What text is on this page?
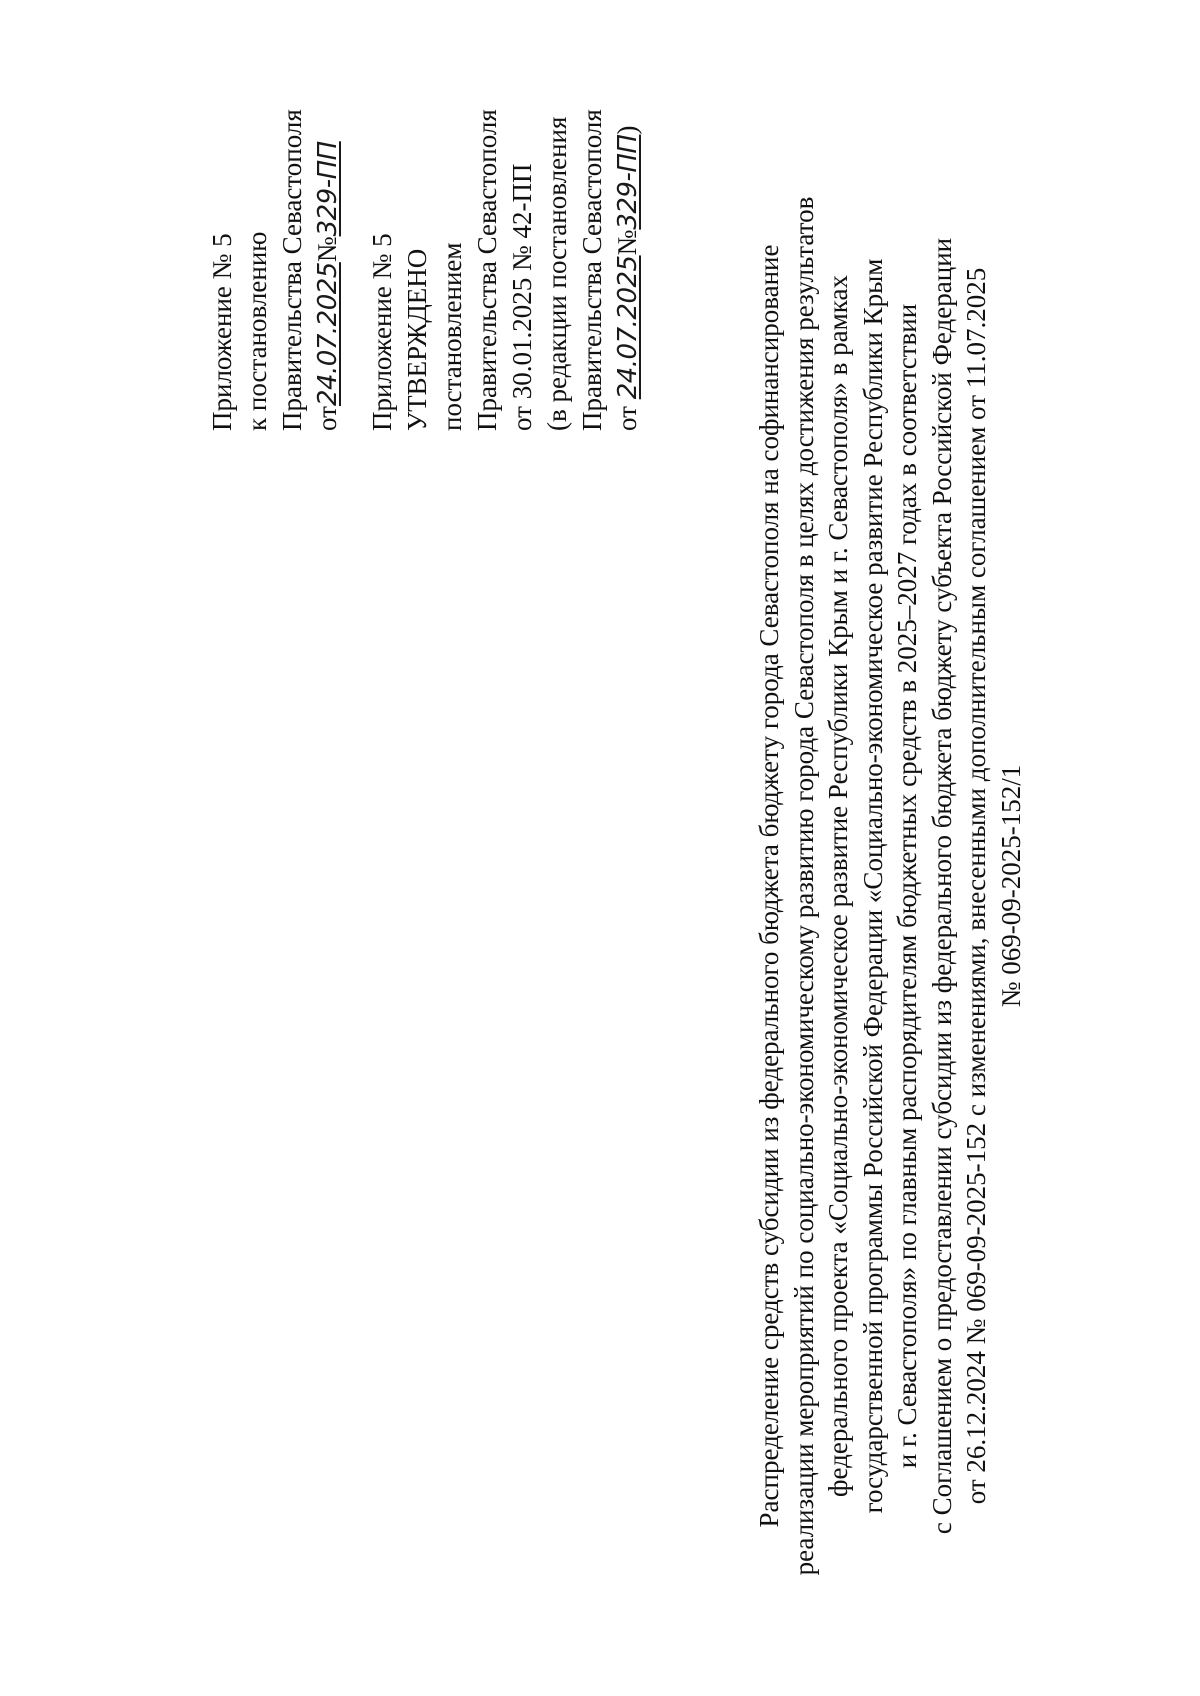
Приложение № 5 к постановлению Правительства Севастополя от24.07.2025№329-ПП
Приложение № 5 УТВЕРЖДЕНО постановлением Правительства Севастополя от 30.01.2025 № 42-ПП (в редакции постановления Правительства Севастополя от 24.07.2025№329-ПП)
Распределение средств субсидии из федерального бюджета бюджету города Севастополя на софинансирование реализации мероприятий по социально-экономическому развитию города Севастополя в целях достижения результатов федерального проекта «Социально-экономическое развитие Республики Крым и г. Севастополя» в рамках государственной программы Российской Федерации «Социально-экономическое развитие Республики Крым и г. Севастополя» по главным распорядителям бюджетных средств в 2025–2027 годах в соответствии с Соглашением о предоставлении субсидии из федерального бюджета бюджету субъекта Российской Федерации от 26.12.2024 № 069-09-2025-152 с изменениями, внесенными дополнительным соглашением от 11.07.2025 № 069-09-2025-152/1
